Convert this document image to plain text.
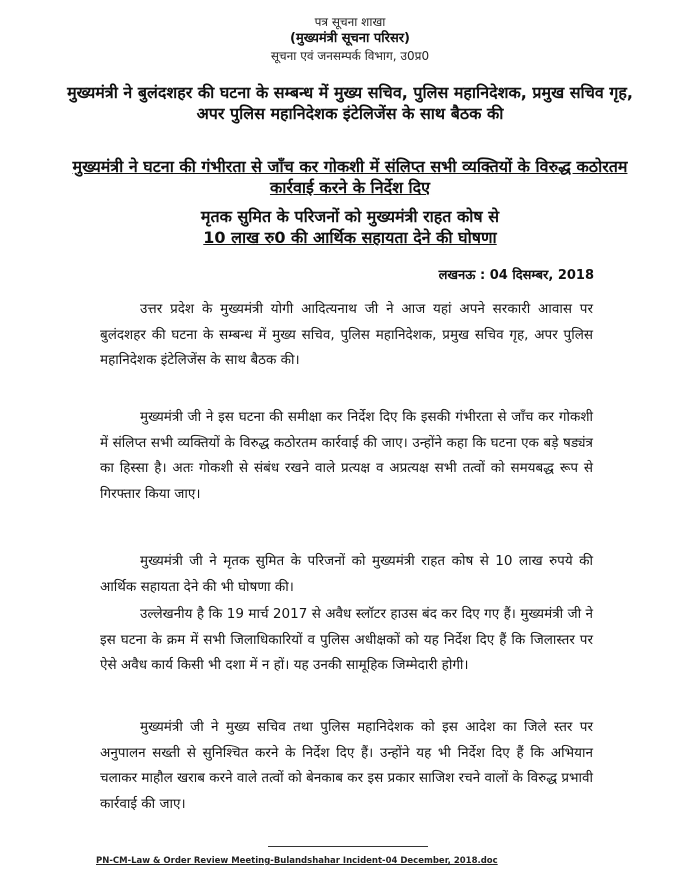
पत्र सूचना शाखा
(मुख्यमंत्री सूचना परिसर)
सूचना एवं जनसम्पर्क विभाग, उ0प्र0
मुख्यमंत्री ने बुलंदशहर की घटना के सम्बन्ध में मुख्य सचिव, पुलिस महानिदेशक, प्रमुख सचिव गृह, अपर पुलिस महानिदेशक इंटेलिजेंस के साथ बैठक की
मुख्यमंत्री ने घटना की गंभीरता से जाँच कर गोकशी में संलिप्त सभी व्यक्तियों के विरुद्ध कठोरतम कार्रवाई करने के निर्देश दिए
मृतक सुमित के परिजनों को मुख्यमंत्री राहत कोष से
10 लाख रु0 की आर्थिक सहायता देने की घोषणा
लखनऊ : 04 दिसम्बर, 2018
उत्तर प्रदेश के मुख्यमंत्री योगी आदित्यनाथ जी ने आज यहां अपने सरकारी आवास पर बुलंदशहर की घटना के सम्बन्ध में मुख्य सचिव, पुलिस महानिदेशक, प्रमुख सचिव गृह, अपर पुलिस महानिदेशक इंटेलिजेंस के साथ बैठक की।
मुख्यमंत्री जी ने इस घटना की समीक्षा कर निर्देश दिए कि इसकी गंभीरता से जाँच कर गोकशी में संलिप्त सभी व्यक्तियों के विरुद्ध कठोरतम कार्रवाई की जाए। उन्होंने कहा कि घटना एक बड़े षड्यंत्र का हिस्सा है। अतः गोकशी से संबंध रखने वाले प्रत्यक्ष व अप्रत्यक्ष सभी तत्वों को समयबद्ध रूप से गिरफ्तार किया जाए।
मुख्यमंत्री जी ने मृतक सुमित के परिजनों को मुख्यमंत्री राहत कोष से 10 लाख रुपये की आर्थिक सहायता देने की भी घोषणा की।
उल्लेखनीय है कि 19 मार्च 2017 से अवैध स्लॉटर हाउस बंद कर दिए गए हैं। मुख्यमंत्री जी ने इस घटना के क्रम में सभी जिलाधिकारियों व पुलिस अधीक्षकों को यह निर्देश दिए हैं कि जिलास्तर पर ऐसे अवैध कार्य किसी भी दशा में न हों। यह उनकी सामूहिक जिम्मेदारी होगी।
मुख्यमंत्री जी ने मुख्य सचिव तथा पुलिस महानिदेशक को इस आदेश का जिले स्तर पर अनुपालन सख्ती से सुनिश्चित करने के निर्देश दिए हैं। उन्होंने यह भी निर्देश दिए हैं कि अभियान चलाकर माहौल खराब करने वाले तत्वों को बेनकाब कर इस प्रकार साजिश रचने वालों के विरुद्ध प्रभावी कार्रवाई की जाए।
PN-CM-Law & Order Review Meeting-Bulandshahar Incident-04 December, 2018.doc
